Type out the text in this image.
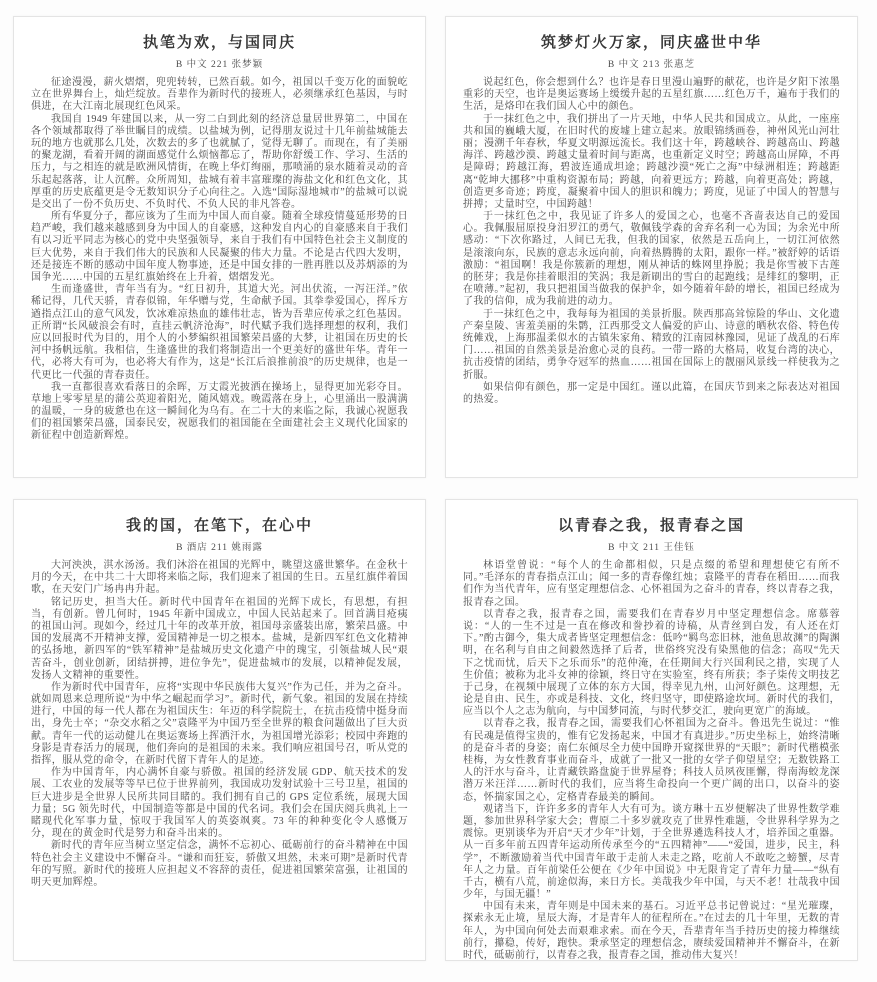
执笔为欢，与国同庆
B 中文 221 张梦颖

征途漫漫，薪火熠熠，兜兜转转，已然百载。如今，祖国以千变万化的面貌屹立在世界舞台上，灿烂绽放。吾辈作为新时代的接班人，必须继承红色基因，与时俱进，在大江南北展现红色风采。

我国自 1949 年建国以来，从一穷二白到此刻的经济总量居世界第二，中国在各个领域都取得了举世瞩目的成绩。以盐城为例，记得朋友说过十几年前盐城能去玩的地方也就那么几处，次数去的多了也就腻了，觉得无聊了。而现在，有了美丽的聚龙湖，看着开阔的湖面感觉什么烦恼都忘了，帮助你舒缓工作、学习、生活的压力，与之相连的就是欧洲风情街，在晚上华灯绚丽，那喷涌的泉水随着灵动的音乐起起落落，让人沉醉。众所周知，盐城有着丰富璀璨的海盐文化和红色文化，其厚重的历史底蕴更是令无数知识分子心向往之。入选“国际湿地城市”的盐城可以说是交出了一份不负历史、不负时代、不负人民的非凡答卷。

所有华夏分子，都应该为了生而为中国人而自豪。随着全球疫情蔓延形势的日趋严峻，我们越来越感到身为中国人的自豪感，这种发自内心的自豪感来自于我们有以习近平同志为核心的党中央坚强领导，来自于我们有中国特色社会主义制度的巨大优势，来自于我们伟大的民族和人民凝聚的伟大力量。不论是古代四大发明，还是接连不断的感动中国年度人物事迹，还是中国女排的一胜再胜以及苏炳添的为国争光……中国的五星红旗始终在上升着，熠熠发光。

生而逢盛世，青年当有为。“红日初升，其道大光。河出伏流，一泻汪洋。”依稀记得，几代天骄，青春似锦，年华赠与党，生命献予国。其拳拳爱国心，挥斥方遒指点江山的意气风发，饮冰难凉热血的雄伟壮志，皆为吾辈应传承之红色基因。正所谓“长风破浪会有时，直挂云帆济沧海”，时代赋予我们选择理想的权利，我们应以回报时代为目的，用个人的小梦编织祖国繁荣昌盛的大梦，让祖国在历史的长河中扬帆远航。我相信，生逢盛世的我们将制造出一个更美好的盛世年华。青年一代，必将大有可为，也必将大有作为，这是“长江后浪推前浪”的历史规律，也是一代更比一代强的青春责任。

我一直都很喜欢看落日的余晖，万丈霞光披洒在操场上，显得更加光彩夺目。草地上零零星星的蒲公英迎着阳光，随风嬉戏。晚霞落在身上，心里涌出一股满满的温暖，一身的疲惫也在这一瞬间化为乌有。在二十大的来临之际，我诚心祝愿我们的祖国繁荣昌盛，国泰民安，祝愿我们的祖国能在全面建社会主义现代化国家的新征程中创造新辉煌。

筑梦灯火万家，同庆盛世中华
B 中文 213 张惠芝

说起红色，你会想到什么？也许是春日里漫山遍野的献花，也许是夕阳下浓墨重彩的天空，也许是奥运赛场上缓缓升起的五星红旗……红色万千，遍布于我们的生活，是烙印在我们国人心中的颜色。

于一抹红色之中，我们拼出了一片天地，中华人民共和国成立。从此，一座座共和国的巍峨大厦，在旧时代的废墟上建立起来。放眼锦绣画卷，神州风光山河壮丽；漫溯千年春秋，华夏文明源远流长。我们这十年，跨越峡谷、跨越高山、跨越海洋、跨越沙漠、跨越丈量着时间与距离，也重新定义时空；跨越高山屏障，不再是障碍；跨越江海，碧波连通成坦途；跨越沙漠“死亡之海”中绿洲相连；跨越距离“乾坤大挪移”中重构资源布局；跨越，向着更远方；跨越，向着更高处；跨越，创造更多奇迹；跨度，凝聚着中国人的胆识和魄力；跨度，见证了中国人的智慧与拼搏；丈量时空，中国跨越！

于一抹红色之中，我见证了许多人的爱国之心，也毫不吝啬表达自己的爱国心。我佩服屈原投身汨罗江的勇气，敬佩钱学森的舍弃名利一心为国；为余光中所感动：“下次你路过，人间已无我，但我的国家，依然是五岳向上，一切江河依然是滚滚向东，民族的意志永远向前，向着热腾腾的太阳，跟你一样。”被舒婷的话语激励：“祖国啊！我是你簇新的理想，刚从神话的蛛网里挣脱；我是你雪被下古莲的胚芽；我是你挂着眼泪的笑涡；我是新刷出的雪白的起跑线；是绯红的黎明，正在喷薄。”起初，我只把祖国当做我的保护伞，如今随着年龄的增长，祖国已经成为了我的信仰，成为我前进的动力。

于一抹红色之中，我每每为祖国的美景折服。陕西那高耸惊险的华山、文化遗产秦皇陵、害羞美丽的朱鹮，江西那受文人偏爱的庐山、诗意的晒秋农俗、特色传统傩戏，上海那温柔似水的古镇朱家角、精致的江南园林豫园，见证了战乱的石库门……祖国的自然美景是治愈心灵的良药。一带一路的大格局，收复台湾的决心，抗击疫情的团结，勇争夺冠军的热血……祖国在国际上的靓丽风景线一样使我为之折服。

如果信仰有颜色，那一定是中国红。谨以此篇，在国庆节到来之际表达对祖国的热爱。

我的国，在笔下，在心中
B 酒店 211 姚雨露

大河泱泱，淇水汤汤。我们沐浴在祖国的光辉中，眺望这盛世繁华。在金秋十月的今天，在中共二十大即将来临之际，我们迎来了祖国的生日。五星红旗伴着国歌，在天安门广场冉冉升起。

铭记历史，担当大任。新时代中国青年在祖国的光辉下成长，有思想，有担当，有创新。曾几何时，1945 年新中国成立，中国人民站起来了。回首满目疮痍的祖国山河。现如今，经过几十年的改革开放，祖国母亲盛装出席，繁荣昌盛。中国的发展离不开精神支撑，爱国精神是一切之根本。盐城，是新四军红色文化精神的弘扬地，新四军的“铁军精神”是盐城历史文化遗产中的瑰宝，引领盐城人民“艰苦奋斗，创业创新，团结拼搏，进位争先”，促进盐城市的发展，以精神促发展，发扬人文精神的重要性。

作为新时代中国青年，应将“实现中华民族伟大复兴”作为己任，并为之奋斗。就如周恩来总理所说“为中华之崛起而学习”。新时代，新气象。祖国的发展在持续进行，中国的每一代人都在为祖国庆生：年迈的科学院院士，在抗击疫情中挺身而出，身先士卒；“杂交水稻之父”袁隆平为中国乃至全世界的粮食问题做出了巨大贡献。青年一代的运动健儿在奥运赛场上挥洒汗水，为祖国增光添彩；校园中奔跑的身影是青春活力的展现，他们奔向的是祖国的未来。我们响应祖国号召，听从党的指挥，服从党的命令，在新时代留下青年人的足迹。

作为中国青年，内心满怀自豪与骄傲。祖国的经济发展 GDP、航天技术的发展、工农业的发展等等早已位于世界前列，我国成功发射试验十三号卫星，祖国的巨大进步是全世界人民所共同目睹的。我们拥有自己的 GPS 定位系统，展现大国力量；5G 领先时代，中国制造等都是中国的代名词。我们会在国庆阅兵典礼上一睹现代化军事力量，惊叹于我国军人的英姿飒爽。73 年的种种变化令人感慨万分，现在的黄金时代是努力和奋斗出来的。

新时代的青年应当树立坚定信念，满怀不忘初心、砥砺前行的奋斗精神在中国特色社会主义建设中不懈奋斗。“谦和而狂妄，骄傲又坦然，未来可期”是新时代青年的写照。新时代的接班人应担起义不容辞的责任，促进祖国繁荣富强，让祖国的明天更加辉煌。

以青春之我，报青春之国
B 中文 211 王佳钰

林语堂曾说：“每个人的生命都相似，只是点缀的希望和理想使它有所不同。”毛泽东的青春指点江山；闻一多的青春像红烛；袁隆平的青春在稻田……而我们作为当代青年，应有坚定理想信念、心怀祖国为之奋斗的青春，终以青春之我，报青春之国。

以青春之我，报青春之国，需要我们在青春岁月中坚定理想信念。席慕蓉说：“人的一生不过是一直在修改和誊抄着的诗稿，从青丝到白发，有人还在灯下。”酌古御今，集大成者皆坚定理想信念：低吟“羁鸟恋旧林，池鱼思故渊”的陶渊明，在名利与自由之间毅然选择了后者，世俗终究没有染黑他的信念；高叹“先天下之忧而忧，后天下之乐而乐”的范仲淹，在任期间大行兴国利民之措，实现了人生价值；被称为北斗女神的徐颖，终日守在实验室，终有所获；李子柒传文明技艺于己身，在视频中展现了立体的东方大国，得幸见九州，山河好颜色。这理想，无论是自由、民生，亦或是科技、文化，终归坚守，即使路途坎坷。新时代的我们，应当以个人之志为航向，与中国梦同流，与时代梦交汇，驶向更宽广的海域。

以青春之我，报青春之国，需要我们心怀祖国为之奋斗。鲁迅先生说过：“惟有民魂是值得宝贵的，惟有它发扬起来，中国才有真进步。”历史坐标上，始终清晰的是奋斗者的身姿；南仁东倾尽全力使中国睁开窥探世界的“天眼”；新时代楷模张桂梅，为女性教育事业而奋斗，成就了一批又一批的女学子仰望星空；无数铁路工人的汗水与奋斗，让青藏铁路盘旋于世界屋脊；科技人员夙夜匪懈，得南海蛟龙深潜万米汪洋……新时代的我们，应当将生命投向一个更广阔的出口，以奋斗的姿态，怀揣家国之心，定格青春最美的瞬间。

观诸当下，许许多多的青年人大有可为。谈方琳十五岁便解决了世界性数学难题，参加世界科学家大会；曹原二十多岁就攻克了世界性难题，令世界科学界为之震惊。更别谈华为开启“天才少年”计划，于全世界遴选科技人才，培养国之重器。从一百多年前五四青年运动所传承至今的“五四精神”——“爱国，进步，民主，科学”，不断激励着当代中国青年敢于走前人未走之路，吃前人不敢吃之螃蟹，尽青年人之力量。百年前梁任公便在《少年中国说》中无限肯定了青年力量——“纵有千古，横有八荒，前途似海，来日方长。美哉我少年中国，与天不老！壮哉我中国少年，与国无疆！”

中国有未来，青年则是中国未来的基石。习近平总书记曾说过：“星光璀璨，探索永无止境，星辰大海，才是青年人的征程所在。”在过去的几十年里，无数的青年人，为中国向何处去而艰难求索。而在今天，吾辈青年当手持历史的接力棒继续前行，攥稳，传好，跑快。秉承坚定的理想信念，赓续爱国精神并不懈奋斗，在新时代，砥砺前行，以青春之我，报青春之国，推动伟大复兴！
